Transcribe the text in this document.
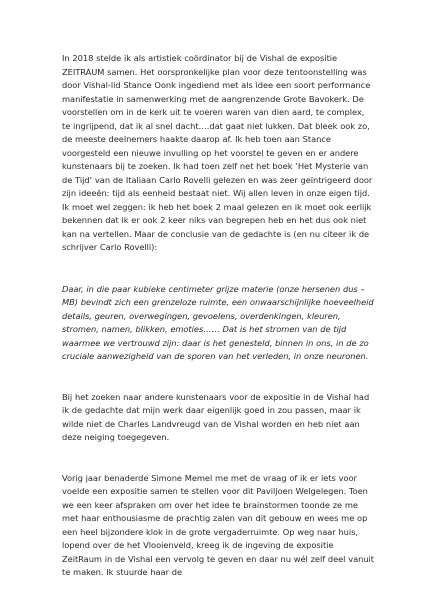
In 2018 stelde ik als artistiek coördinator bij de Vishal de expositie ZEITRAUM samen. Het oorspronkelijke plan voor deze tentoonstelling was door Vishal-lid Stance Oonk ingediend met als idee een soort performance manifestatie in samenwerking met de aangrenzende Grote Bavokerk. De voorstellen om in de kerk uit te voeren waren van dien aard, te complex, te ingrijpend, dat ik al snel dacht….dat gaat niet lukken. Dat bleek ook zo, de meeste deelnemers haakte daarop af. Ik heb toen aan Stance voorgesteld een nieuwe invulling op het voorstel te geven en er andere kunstenaars bij te zoeken. Ik had toen zelf net het boek ‘Het Mysterie van de Tijd’ van de Italiaan Carlo Rovelli gelezen en was zeer geïntrigeerd door zijn ideeën: tijd als eenheid bestaat niet. Wij allen leven in onze eigen tijd. Ik moet wel zeggen: ik heb het boek 2 maal gelezen en ik moet ook eerlijk bekennen dat ik er ook 2 keer niks van begrepen heb en het dus ook niet kan na vertellen. Maar de conclusie van de gedachte is (en nu citeer ik de schrijver Carlo Rovelli):

Daar, in die paar kubieke centimeter grijze materie (onze hersenen dus – MB) bevindt zich een grenzeloze ruimte, een onwaarschijnlijke hoeveelheid details, geuren, overwegingen, gevoelens, overdenkingen, kleuren, stromen, namen, blikken, emoties…… Dat is het stromen van de tijd waarmee we vertrouwd zijn: daar is het genesteld, binnen in ons, in de zo cruciale aanwezigheid van de sporen van het verleden, in onze neuronen.

Bij het zoeken naar andere kunstenaars voor de expositie in de Vishal had ik de gedachte dat mijn werk daar eigenlijk goed in zou passen, maar ik wilde niet de Charles Landvreugd van de Vishal worden en heb niet aan deze neiging toegegeven.

Vorig jaar benaderde Simone Memel me met de vraag of ik er iets voor voelde een expositie samen te stellen voor dit Paviljoen Welgelegen. Toen we een keer afspraken om over het idee te brainstormen toonde ze me met haar enthousiasme de prachtig zalen van dit gebouw en wees me op een heel bijzondere klok in de grote vergaderruimte. Op weg naar huis, lopend over de het Vlooienveld, kreeg ik de ingeving de expositie ZeitRaum in de Vishal een vervolg te geven en daar nu wél zelf deel vanuit te maken. Ik stuurde haar de
